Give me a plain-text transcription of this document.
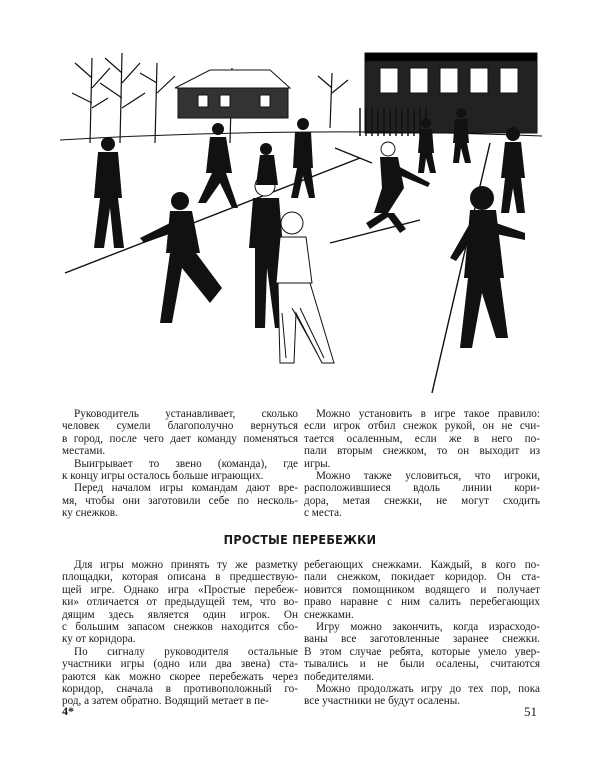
Руководитель устанавливает, сколько
человек сумели благополучно вернуться
в город, после чего дает команду поменяться
местами.
Выигрывает то звено (команда), где
к концу игры осталось больше играющих.
Перед началом игры командам дают вре-
мя, чтобы они заготовили себе по несколь-
ку снежков.
Можно установить в игре такое правило:
если игрок отбил снежок рукой, он не счи-
тается осаленным, если же в него по-
пали вторым снежком, то он выходит из
игры.
Можно также условиться, что игроки,
расположившиеся вдоль линии кори-
дора, метая снежки, не могут сходить
с места.
ПРОСТЫЕ ПЕРЕБЕЖКИ
Для игры можно принять ту же разметку
площадки, которая описана в предшествую-
щей игре. Однако игра «Простые перебеж-
ки» отличается от предыдущей тем, что во-
дящим здесь является один игрок. Он
с большим запасом снежков находится сбо-
ку от коридора.
По сигналу руководителя остальные
участники игры (одно или два звена) ста-
раются как можно скорее перебежать через
коридор, сначала в противоположный го-
род, а затем обратно. Водящий метает в пе-
ребегающих снежками. Каждый, в кого по-
пали снежком, покидает коридор. Он ста-
новится помощником водящего и получает
право наравне с ним салить перебегающих
снежками.
Игру можно закончить, когда израсходо-
ваны все заготовленные заранее снежки.
В этом случае ребята, которые умело увер-
тывались и не были осалены, считаются
победителями.
Можно продолжать игру до тех пор, пока
все участники не будут осалены.
4*	51
